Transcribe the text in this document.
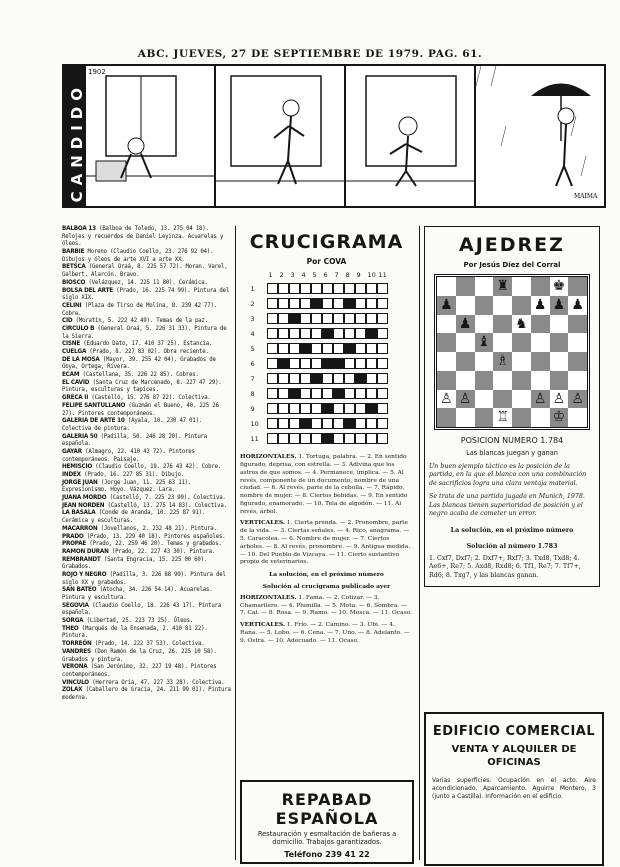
ABC. JUEVES, 27 DE SEPTIEMBRE DE 1979. PAG. 61.
CANDIDO
1902
MAIMA

BALBOA 13 (Balboa de Toledo, 13. 275 04 18). Relojes y recuerdos de Daniel Leyinza. Acuarelas y óleos.

BARBIE Moreno (Claudio Coello, 23. 276 92 04). Dibujos y óleos de arte XVI a arte XX.

BETSCA (General Oraá, 8. 225 57 72). Moran. Varel, Galbert. Alarcón. Bravo.

BIOSCO (Velázquez, 14. 225 11 80). Cerámica.

BOLSA DEL ARTE (Prado, 16. 225 74 99). Pintura del siglo XIX.

CELINI (Plaza de Tirso de Molina, 8. 239 42 77). Cobre.

CID (Moratín, 5. 222 42 49). Temas de la paz.

CIRCULO B (General Oraá, 5. 226 31 33). Pintura de la Sierra.

CISNE (Eduardo Dato, 17. 410 37 25). Estancia.

CUELGA (Prado, 8. 227 83 02). Obra reciente.

DE LA MOSA (Mayor, 39. 255 42 04). Grabados de Goya, Ortega, Rivera.

ECAM (Castellana, 35. 226 22 85). Cobres.

EL CAVID (Santa Cruz de Marcenado, 8. 227 47 29). Pintura, esculturas y tapices.

GRECA II (Castelló, 15. 276 87 22). Colectiva.

FELIPE SANTULLANO (Guzmán el Bueno, 40. 225 26 27). Pintores contemporáneos.

GALERIA DE ARTE 10 (Ayala, 10. 230 47 01). Colectiva de pintura.

GALERIA 50 (Padilla, 50. 246 28 20). Pintura española.

GAYAR (Almagro, 22. 410 43 72). Pintores contemporáneos. Paisaje.

HEMISCIO (Claudio Coello, 19. 276 43 42). Cobre.

INDEX (Prado, 16. 227 85 31). Dibujo.

JORGE JUAN (Jorge Juan, 11. 225 63 11). Expresionismo. Hoyo. Vázquez. Lara.

JUANA MORDO (Castelló, 7. 225 23 99). Colectiva.

JEAN NORDEN (Castelló, 13. 275 14 83). Colectiva.

LA BASALA (Conde de Aranda, 10. 225 87 91). Cerámica y esculturas.

MACARRON (Jovellanos, 2. 232 48 21). Pintura.

PRADO (Prado, 13. 229 40 18). Pintores españoles.

PROPAE (Prado, 22. 259 46 20). Temas y grabados.

RAMON DURAN (Prado, 22. 227 43 30). Pintura.

REMBRANDT (Santa Engracia, 15. 225 00 60). Grabados.

ROJO Y NEGRO (Padilla, 3. 226 88 99). Pintura del siglo XX y grabados.

SAN BATEO (Atocha, 34. 226 54 14). Acuarelas. Pintura y escultura.

SEGOVIA (Claudio Coello, 18. 226 43 17). Pintura española.

SORGA (Libertad, 25. 223 73 25). Óleos.

THEO (Marqués de la Ensenada, 2. 410 81 22). Pintura.

TORREÓN (Prado, 14. 222 37 53). Colectiva.

VANDRES (Don Ramón de la Cruz, 26. 225 10 58). Grabados y pintura.

VERONA (San Jerónimo, 32. 227 19 48). Pintores contemporáneos.

VINCULO (Herrera Oria, 47. 227 33 28). Colectiva.

ZOLAX (Caballero de Gracia, 24. 211 99 01). Pintura moderna.

CRUCIGRAMA
Por COVA
1 2 3 4 5 6 7 8 9 10 11
1
2
3
4
5
6
7
8
9
10
11

HORIZONTALES. 1. Tortuga, palabra. — 2. En sentido figurado, deprisa, con estrella. — 3. Adivina que los astros de que somos. — 4. Permanece, implica. — 5. Al revés, componente de un documento, nombre de una ciudad. — 6. Al revés, parte de la cebolla. — 7. Rápido, nombre de mujer. — 8. Ciertos bebidas. — 9. En sentido figurado, enamorado. — 10. Tela de algodón. — 11. Al revés, árbol.

VERTICALES. 1. Cierta prenda. — 2. Pronombre, parte de la vida. — 3. Ciertas señales. — 4. Rico, anagrama. — 5. Caracolea. — 6. Nombre de mujer. — 7. Ciertos árboles. — 8. Al revés, pronombre. — 9. Antigua medida. — 10. Del Pueblo de Vizcaya. — 11. Cierto sustantivo propio de veterinarios.

La solución, en el próximo número
Solución al crucigrama publicado ayer

HORIZONTALES. 1. Fama. — 2. Cotizar. — 3. Chamarilero. — 4. Plumilla. — 5. Mota. — 6. Sombra. — 7. Cal. — 8. Rosa. — 9. Ramo. — 10. Mosca. — 11. Ocaso.

VERTICALES. 1. Frío. — 2. Camino. — 3. Ubi. — 4. Rana. — 5. Lobo. — 6. Cena. — 7. Uno. — 8. Adelanto. — 9. Ostra. — 10. Adecuado. — 11. Ocaso.

REPABAD ESPAÑOLA
Restauración y esmaltación de bañeras a domicilio. Trabajos garantizados.
Teléfono 239 41 22
AJEDREZ
Por Jesús Díez del Corral
♜	♚
♟	♟ ♟ ♟
♟	♞
♝
♗
♙ ♙	♙ ♙ ♙
♖	♔
POSICION NUMERO 1.784
Las blancas juegan y ganan
Un buen ejemplo táctico es la posición de la partida, en la que el blanco con una combinación de sacrificios logra una clara ventaja material.
Se trata de una partida jugada en Munich, 1978. Las blancas tienen superioridad de posición y el negro acaba de cometer un error.
La solución, en el próximo número
Solución al número 1.783
1. Cxf7, Dxf7; 2. Dxf7+, Rxf7; 3. Txd8, Txd8; 4. Ae6+, Re7; 5. Axd8, Rxd8; 6. Tf1, Re7; 7. Tf7+, Rd6; 8. Txg7, y las blancas ganan.
EDIFICIO COMERCIAL
VENTA Y ALQUILER DE OFICINAS
Varias superficies. Ocupación en el acto. Aire acondicionado. Aparcamiento. Aguirre Montero, 3 (junto a Castilla). Información en el edificio.
